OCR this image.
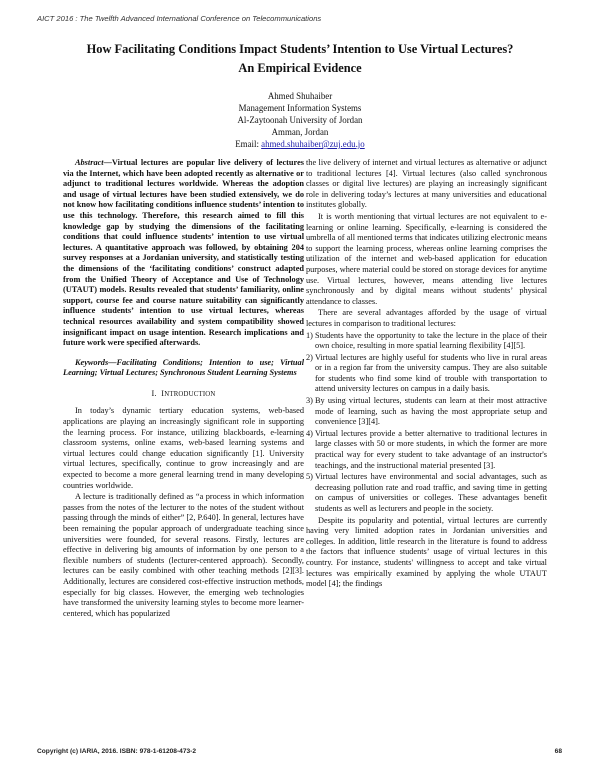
AICT 2016 : The Twelfth Advanced International Conference on Telecommunications
How Facilitating Conditions Impact Students’ Intention to Use Virtual Lectures?
An Empirical Evidence
Ahmed Shuhaiber
Management Information Systems
Al-Zaytoonah University of Jordan
Amman, Jordan
Email: ahmed.shuhaiber@zuj.edu.jo

Abstract—Virtual lectures are popular live delivery of lectures via the Internet, which have been adopted recently as alternative or adjunct to traditional lectures worldwide. Whereas the adoption and usage of virtual lectures have been studied extensively, we do not know how facilitating conditions influence students’ intention to use this technology. Therefore, this research aimed to fill this knowledge gap by studying the dimensions of the facilitating conditions that could influence students’ intention to use virtual lectures. A quantitative approach was followed, by obtaining 204 survey responses at a Jordanian university, and statistically testing the dimensions of the ‘facilitating conditions’ construct adapted from the Unified Theory of Acceptance and Use of Technology (UTAUT) models. Results revealed that students’ familiarity, online support, course fee and course nature suitability can significantly influence students’ intention to use virtual lectures, whereas technical resources availability and system compatibility showed insignificant impact on usage intention. Research implications and future work were specified afterwards.

Keywords—Facilitating Conditions; Intention to use; Virtual Learning; Virtual Lectures; Synchronous Student Learning Systems

I. INTRODUCTION

In today’s dynamic tertiary education systems, web-based applications are playing an increasingly significant role in supporting the learning process. For instance, utilizing blackboards, e-learning classroom systems, online exams, web-based learning systems and virtual lectures could change education significantly [1]. University virtual lectures, specifically, continue to grow increasingly and are expected to become a more general learning trend in many developing countries worldwide.

A lecture is traditionally defined as “a process in which information passes from the notes of the lecturer to the notes of the student without passing through the minds of either” [2, P.640]. In general, lectures have been remaining the popular approach of undergraduate teaching since universities were founded, for several reasons. Firstly, lectures are effective in delivering big amounts of information by one person to a flexible numbers of students (lecturer-centered approach). Secondly, lectures can be easily combined with other teaching methods [2][3]. Additionally, lectures are considered cost-effective instruction methods, especially for big classes. However, the emerging web technologies have transformed the university learning styles to become more learner-centered, which has popularized

the live delivery of internet and virtual lectures as alternative or adjunct to traditional lectures [4]. Virtual lectures (also called synchronous classes or digital live lectures) are playing an increasingly significant role in delivering today’s lectures at many universities and educational institutes globally.

It is worth mentioning that virtual lectures are not equivalent to e-learning or online learning. Specifically, e-learning is considered the umbrella of all mentioned terms that indicates utilizing electronic means to support the learning process, whereas online learning comprises the utilization of the internet and web-based application for education purposes, where material could be stored on storage devices for anytime use. Virtual lectures, however, means attending live lectures synchronously and by digital means without students’ physical attendance to classes.

There are several advantages afforded by the usage of virtual lectures in comparison to traditional lectures:

1) Students have the opportunity to take the lecture in the place of their own choice, resulting in more spatial learning flexibility [4][5].
2) Virtual lectures are highly useful for students who live in rural areas or in a region far from the university campus. They are also suitable for students who find some kind of trouble with transportation to attend university lectures on campus in a daily basis.
3) By using virtual lectures, students can learn at their most attractive mode of learning, such as having the most appropriate setup and convenience [3][4].
4) Virtual lectures provide a better alternative to traditional lectures in large classes with 50 or more students, in which the former are more practical way for every student to take advantage of an instructor's teachings, and the instructional material presented [3].
5) Virtual lectures have environmental and social advantages, such as decreasing pollution rate and road traffic, and saving time in getting on campus of universities or colleges. These advantages benefit students as well as lecturers and people in the society.

Despite its popularity and potential, virtual lectures are currently having very limited adoption rates in Jordanian universities and colleges. In addition, little research in the literature is found to address the factors that influence students’ usage of virtual lectures in this country. For instance, students' willingness to accept and take virtual lectures was empirically examined by applying the whole UTAUT model [4]; the findings

Copyright (c) IARIA, 2016. ISBN: 978-1-61208-473-2	68
